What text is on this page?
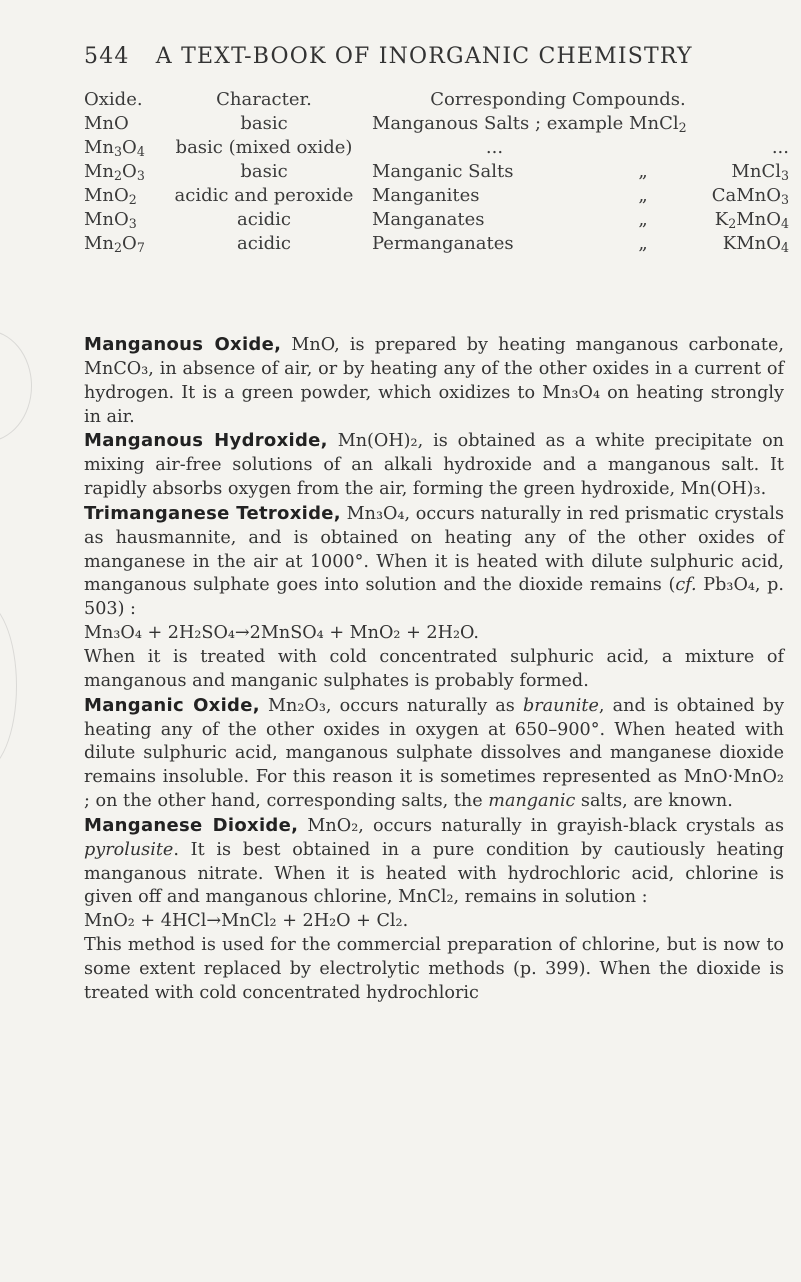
544 A TEXT-BOOK OF INORGANIC CHEMISTRY
Oxide.	Character.	Corresponding Compounds.		
MnO	basic	Manganous Salts ; example MnCl$_2$
$Mn_3O_4$	basic (mixed oxide)	...		...
$Mn_2O_3$	basic	Manganic Salts	„	MnCl$_3$
MnO$_2$	acidic and peroxide	Manganites	„	CaMnO$_3$
MnO$_3$	acidic	Manganates	„	$K_2MnO_4$
$Mn_2O_7$	acidic	Permanganates	„	KMnO$_4$

Manganous Oxide, MnO, is prepared by heating manganous carbonate, MnCO₃, in absence of air, or by heating any of the other oxides in a current of hydrogen. It is a green powder, which oxidizes to Mn₃O₄ on heating strongly in air.

Manganous Hydroxide, Mn(OH)₂, is obtained as a white precipitate on mixing air-free solutions of an alkali hydroxide and a manganous salt. It rapidly absorbs oxygen from the air, forming the green hydroxide, Mn(OH)₃.

Trimanganese Tetroxide, Mn₃O₄, occurs naturally in red prismatic crystals as hausmannite, and is obtained on heating any of the other oxides of manganese in the air at 1000°. When it is heated with dilute sulphuric acid, manganous sulphate goes into solution and the dioxide remains (cf. Pb₃O₄, p. 503) :

Mn₃O₄ + 2H₂SO₄→2MnSO₄ + MnO₂ + 2H₂O.

When it is treated with cold concentrated sulphuric acid, a mixture of manganous and manganic sulphates is probably formed.

Manganic Oxide, Mn₂O₃, occurs naturally as braunite, and is obtained by heating any of the other oxides in oxygen at 650–900°. When heated with dilute sulphuric acid, manganous sulphate dissolves and manganese dioxide remains insoluble. For this reason it is sometimes represented as MnO·MnO₂ ; on the other hand, corresponding salts, the manganic salts, are known.

Manganese Dioxide, MnO₂, occurs naturally in grayish-black crystals as pyrolusite. It is best obtained in a pure condition by cautiously heating manganous nitrate. When it is heated with hydrochloric acid, chlorine is given off and manganous chlorine, MnCl₂, remains in solution :

MnO₂ + 4HCl→MnCl₂ + 2H₂O + Cl₂.

This method is used for the commercial preparation of chlorine, but is now to some extent replaced by electrolytic methods (p. 399). When the dioxide is treated with cold concentrated hydrochloric
